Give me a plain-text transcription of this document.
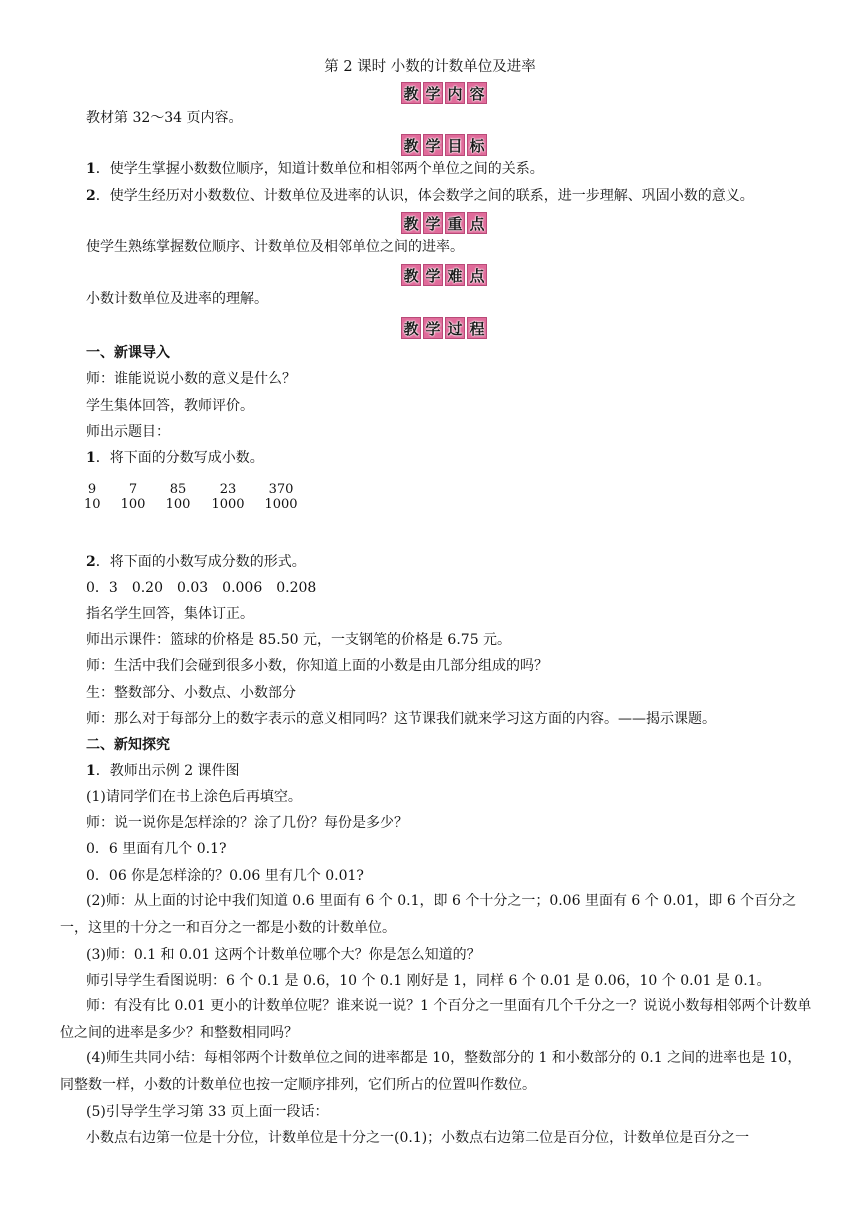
第 2 课时 小数的计数单位及进率
教 学 内 容
教材第 32～34 页内容。
教 学 目 标
1．使学生掌握小数数位顺序，知道计数单位和相邻两个单位之间的关系。
2．使学生经历对小数数位、计数单位及进率的认识，体会数学之间的联系，进一步理解、巩固小数的意义。
教 学 重 点
使学生熟练掌握数位顺序、计数单位及相邻单位之间的进率。
教 学 难 点
小数计数单位及进率的理解。
教 学 过 程
一、新课导入
师：谁能说说小数的意义是什么？
学生集体回答，教师评价。
师出示题目：
1．将下面的分数写成小数。
9
10
7
100
85
100
23
1000
370
1000
2．将下面的小数写成分数的形式。
0．3　0.20　0.03　0.006　0.208
指名学生回答，集体订正。
师出示课件：篮球的价格是 85.50 元，一支钢笔的价格是 6.75 元。
师：生活中我们会碰到很多小数，你知道上面的小数是由几部分组成的吗？
生：整数部分、小数点、小数部分
师：那么对于每部分上的数字表示的意义相同吗？这节课我们就来学习这方面的内容。——揭示课题。
二、新知探究
1．教师出示例 2 课件图
(1)请同学们在书上涂色后再填空。
师：说一说你是怎样涂的？涂了几份？每份是多少？
0．6 里面有几个 0.1?
0．06 你是怎样涂的？0.06 里有几个 0.01?
(2)师：从上面的讨论中我们知道 0.6 里面有 6 个 0.1，即 6 个十分之一；0.06 里面有 6 个 0.01，即 6 个百分之一，这里的十分之一和百分之一都是小数的计数单位。
(3)师：0.1 和 0.01 这两个计数单位哪个大？你是怎么知道的？
师引导学生看图说明：6 个 0.1 是 0.6，10 个 0.1 刚好是 1，同样 6 个 0.01 是 0.06，10 个 0.01 是 0.1。
师：有没有比 0.01 更小的计数单位呢？谁来说一说？1 个百分之一里面有几个千分之一？说说小数每相邻两个计数单位之间的进率是多少？和整数相同吗？
(4)师生共同小结：每相邻两个计数单位之间的进率都是 10，整数部分的 1 和小数部分的 0.1 之间的进率也是 10，同整数一样，小数的计数单位也按一定顺序排列，它们所占的位置叫作数位。
(5)引导学生学习第 33 页上面一段话：
小数点右边第一位是十分位，计数单位是十分之一(0.1)；小数点右边第二位是百分位，计数单位是百分之一
